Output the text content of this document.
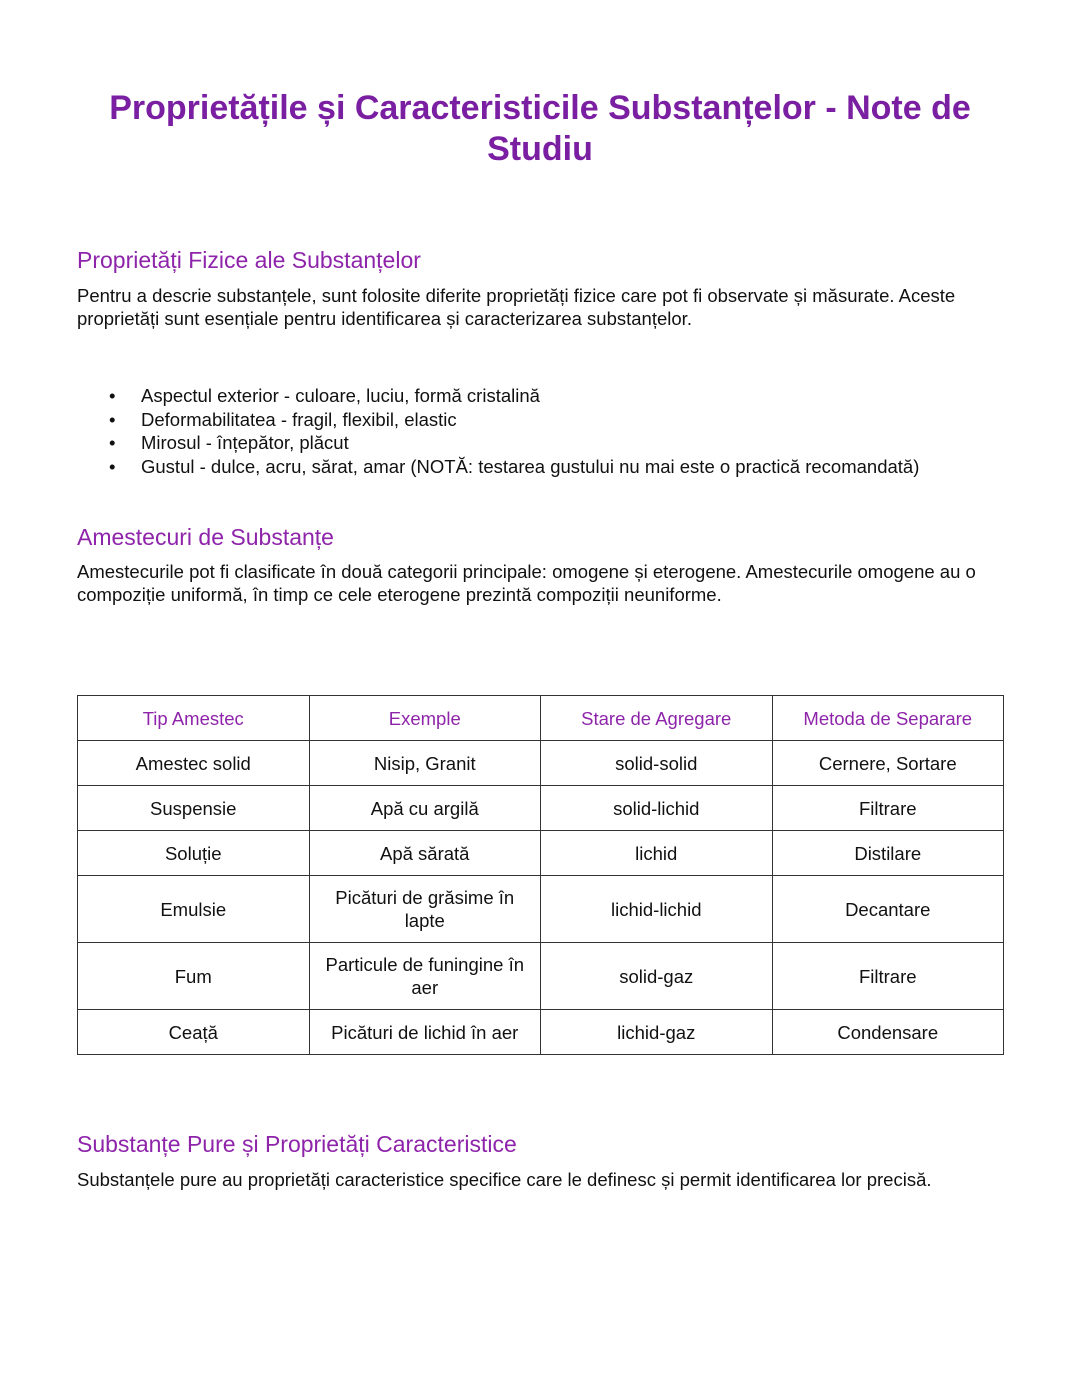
Proprietățile și Caracteristicile Substanțelor - Note de Studiu
Proprietăți Fizice ale Substanțelor

Pentru a descrie substanțele, sunt folosite diferite proprietăți fizice care pot fi observate și măsurate. Aceste proprietăți sunt esențiale pentru identificarea și caracterizarea substanțelor.

• Aspectul exterior - culoare, luciu, formă cristalină
• Deformabilitatea - fragil, flexibil, elastic
• Mirosul - înțepător, plăcut
• Gustul - dulce, acru, sărat, amar (NOTĂ: testarea gustului nu mai este o practică recomandată)
Amestecuri de Substanțe

Amestecurile pot fi clasificate în două categorii principale: omogene și eterogene. Amestecurile omogene au o compoziție uniformă, în timp ce cele eterogene prezintă compoziții neuniforme.

Tip Amestec	Exemple	Stare de Agregare	Metoda de Separare
Amestec solid	Nisip, Granit	solid-solid	Cernere, Sortare
Suspensie	Apă cu argilă	solid-lichid	Filtrare
Soluție	Apă sărată	lichid	Distilare
Emulsie	Picături de grăsime în lapte	lichid-lichid	Decantare
Fum	Particule de funingine în aer	solid-gaz	Filtrare
Ceață	Picături de lichid în aer	lichid-gaz	Condensare
Substanțe Pure și Proprietăți Caracteristice

Substanțele pure au proprietăți caracteristice specifice care le definesc și permit identificarea lor precisă.
